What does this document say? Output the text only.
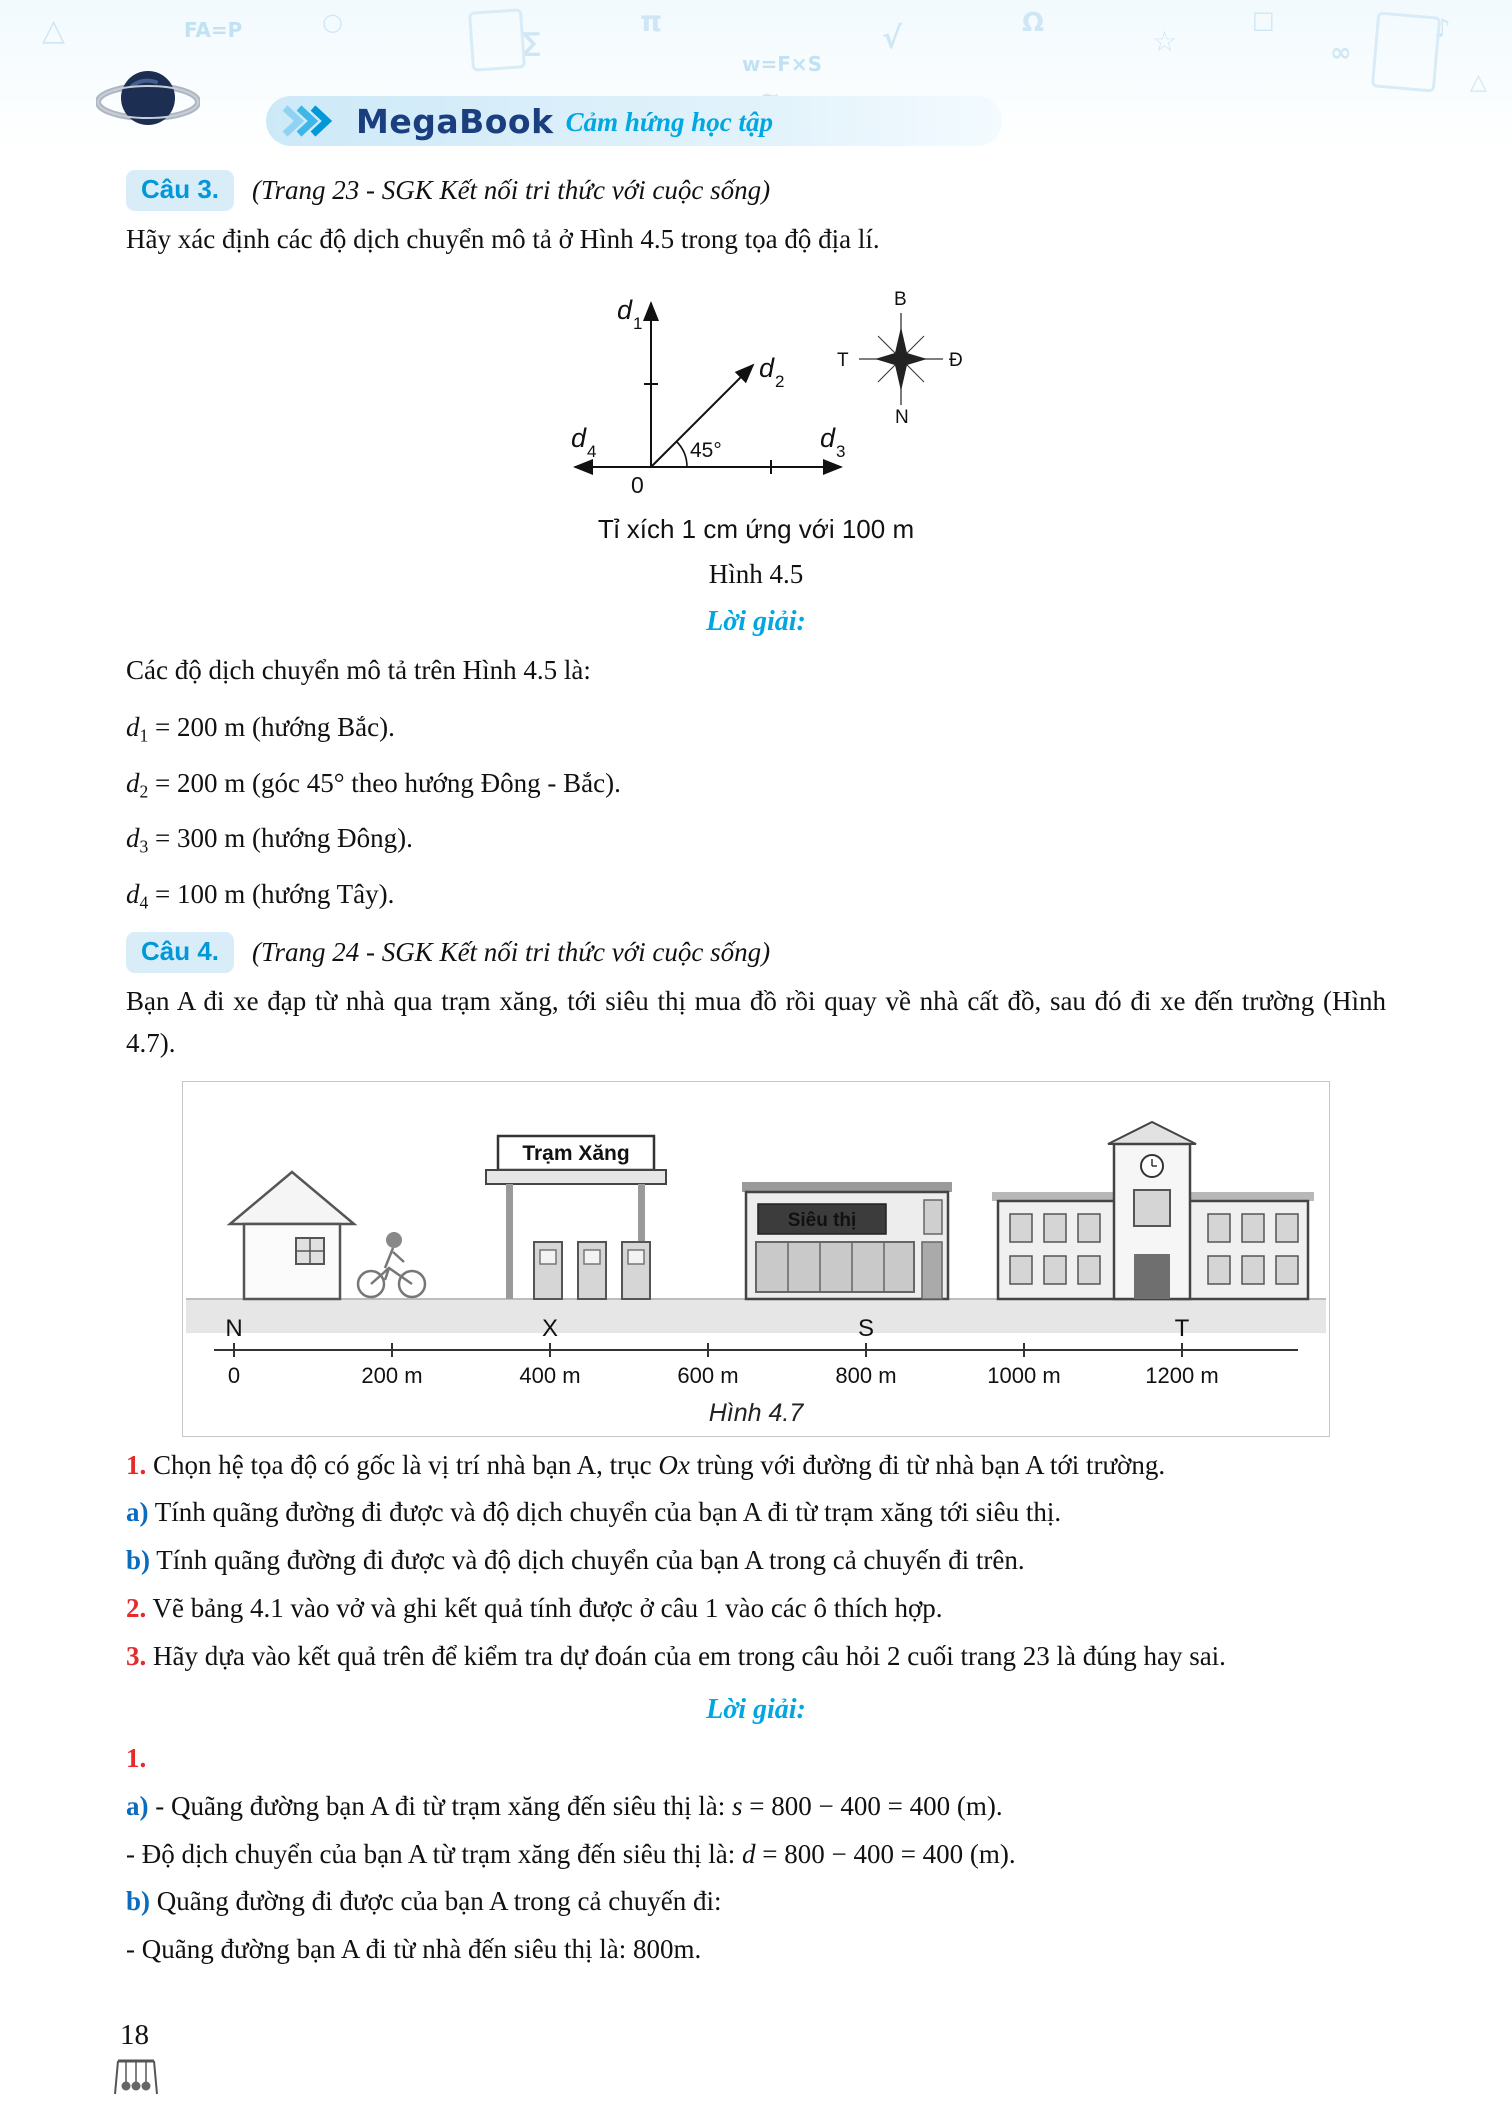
△	○
∑
π	√	Ω
☆
□
∞
♪
△
FA=P
w=F×S
MegaBook Cảm hứng học tập
Câu 3.	(Trang 23 - SGK Kết nối tri thức với cuộc sống)

Hãy xác định các độ dịch chuyển mô tả ở Hình 4.5 trong tọa độ địa lí.

d 1
d 2
d 3
d 4	45°
0
B
Đ
N
T
Tỉ xích 1 cm ứng với 100 m
Hình 4.5
Lời giải:

Các độ dịch chuyển mô tả trên Hình 4.5 là:

d1 = 200 m (hướng Bắc).

d2 = 200 m (góc 45° theo hướng Đông - Bắc).

d3 = 300 m (hướng Đông).

d4 = 100 m (hướng Tây).

Câu 4.	(Trang 24 - SGK Kết nối tri thức với cuộc sống)

Bạn A đi xe đạp từ nhà qua trạm xăng, tới siêu thị mua đồ rồi quay về nhà cất đồ, sau đó đi xe đến trường (Hình 4.7).

Trạm Xăng
Siêu thị
N	X	S	T
0	200 m	400 m	600 m	800 m	1000 m	1200 m
Hình 4.7

1. Chọn hệ tọa độ có gốc là vị trí nhà bạn A, trục Ox trùng với đường đi từ nhà bạn A tới trường.

a) Tính quãng đường đi được và độ dịch chuyển của bạn A đi từ trạm xăng tới siêu thị.

b) Tính quãng đường đi được và độ dịch chuyển của bạn A trong cả chuyến đi trên.

2. Vẽ bảng 4.1 vào vở và ghi kết quả tính được ở câu 1 vào các ô thích hợp.

3. Hãy dựa vào kết quả trên để kiểm tra dự đoán của em trong câu hỏi 2 cuối trang 23 là đúng hay sai.

Lời giải:

1.

a) - Quãng đường bạn A đi từ trạm xăng đến siêu thị là: s = 800 − 400 = 400 (m).

- Độ dịch chuyển của bạn A từ trạm xăng đến siêu thị là: d = 800 − 400 = 400 (m).

b) Quãng đường đi được của bạn A trong cả chuyến đi:

- Quãng đường bạn A đi từ nhà đến siêu thị là: 800m.

18
